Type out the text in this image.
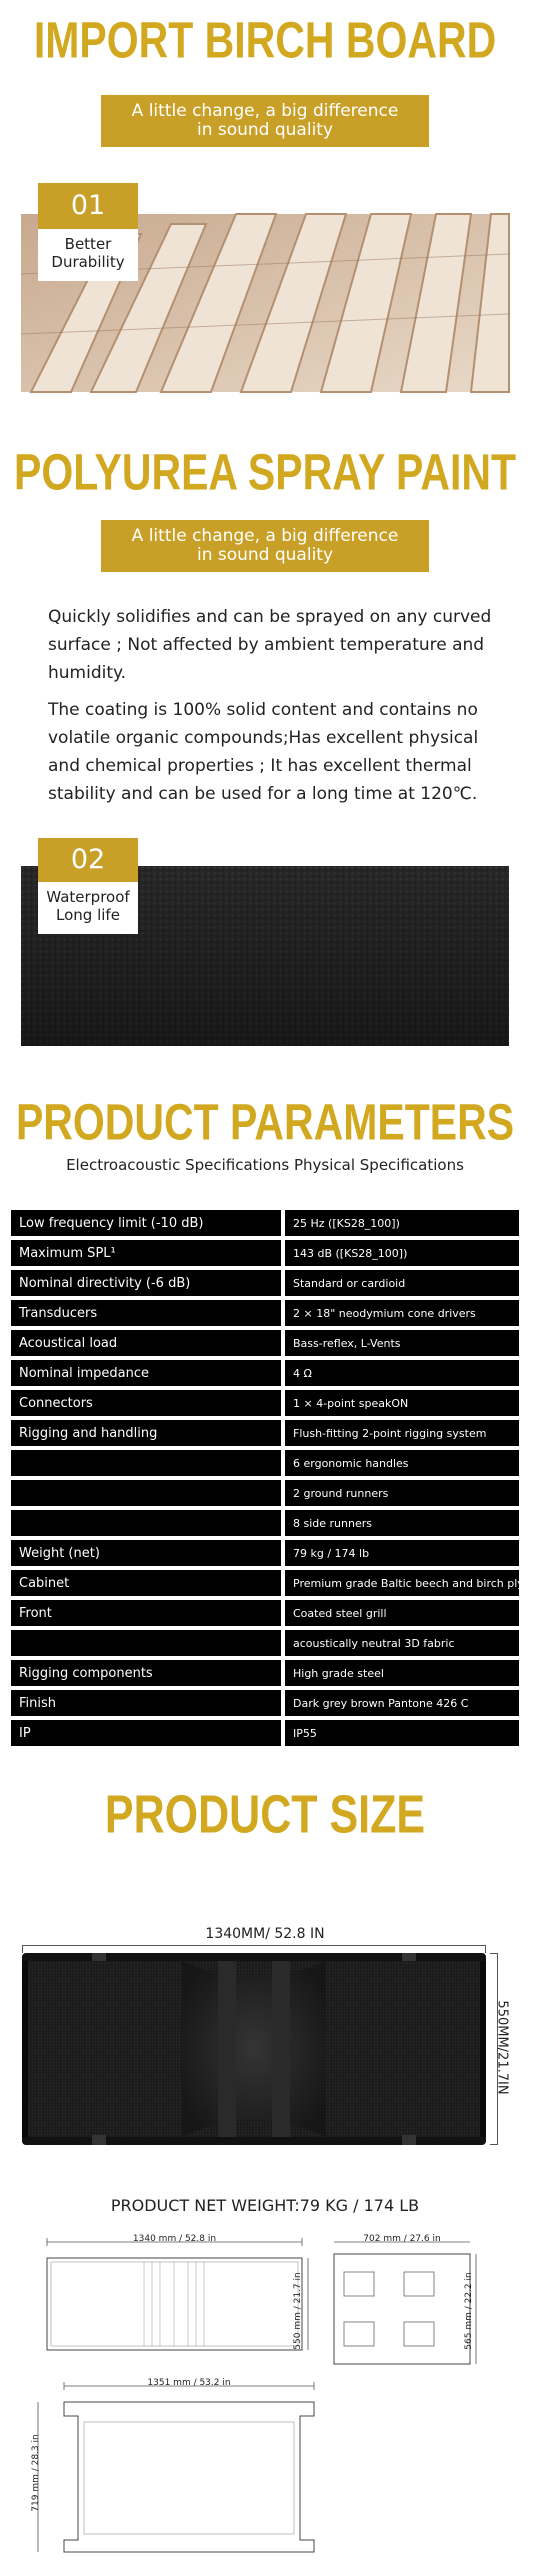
IMPORT BIRCH BOARD
A little change, a big difference
in sound quality
01
Better
Durability
POLYUREA SPRAY PAINT
A little change, a big difference
in sound quality
Quickly solidifies and can be sprayed on any curved surface ; Not affected by ambient temperature and humidity.
The coating is 100% solid content and contains no volatile organic compounds;Has excellent physical and chemical properties ; It has excellent thermal stability and can be used for a long time at 120℃.
02
Waterproof
Long life
PRODUCT PARAMETERS
Electroacoustic Specifications Physical Specifications
Low frequency limit (-10 dB)	25 Hz ([KS28_100])
Maximum SPL¹	143 dB ([KS28_100])
Nominal directivity (-6 dB)	Standard or cardioid
Transducers	2 × 18" neodymium cone drivers
Acoustical load	Bass-reflex, L-Vents
Nominal impedance	4 Ω
Connectors	1 × 4-point speakON
Rigging and handling	Flush-fitting 2-point rigging system
	6 ergonomic handles
	2 ground runners
	8 side runners
Weight (net)	79 kg / 174 lb
Cabinet	Premium grade Baltic beech and birch plywood
Front	Coated steel grill
	acoustically neutral 3D fabric
Rigging components	High grade steel
Finish	Dark grey brown Pantone 426 C
IP	IP55
PRODUCT SIZE
1340MM/ 52.8 IN
550MM/21.7IN
PRODUCT NET WEIGHT:79 KG / 174 LB
1340 mm / 52.8 in
550 mm / 21.7 in
702 mm / 27.6 in
565 mm / 22.2 in
1351 mm / 53.2 in
719 mm / 28.3 in
